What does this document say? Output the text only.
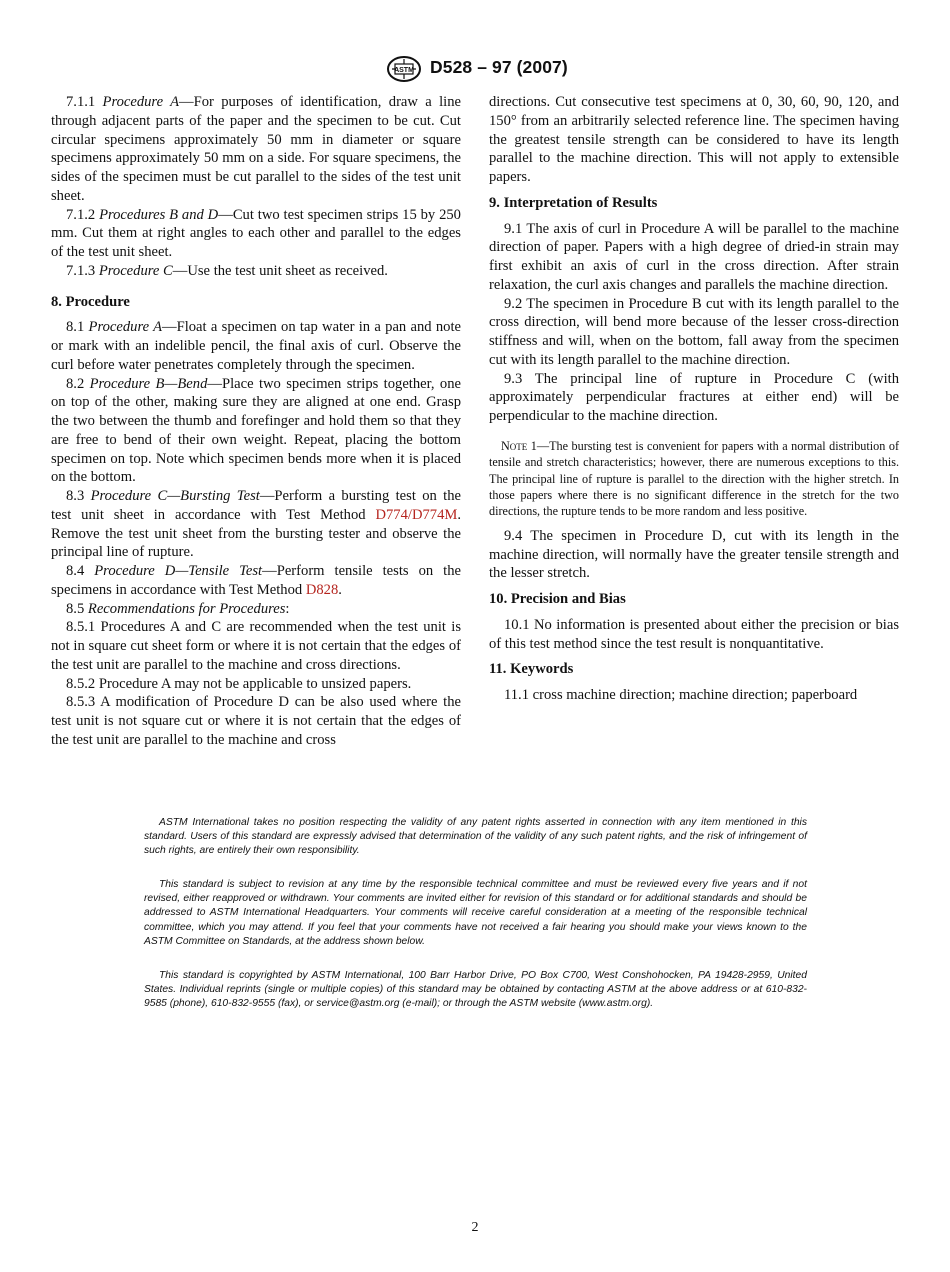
ASTM D528 – 97 (2007)

7.1.1 Procedure A—For purposes of identification, draw a line through adjacent parts of the paper and the specimen to be cut. Cut circular specimens approximately 50 mm in diameter or square specimens approximately 50 mm on a side. For square specimens, the sides of the specimen must be cut parallel to the sides of the test unit sheet.

7.1.2 Procedures B and D—Cut two test specimen strips 15 by 250 mm. Cut them at right angles to each other and parallel to the edges of the test unit sheet.

7.1.3 Procedure C—Use the test unit sheet as received.

8. Procedure

8.1 Procedure A—Float a specimen on tap water in a pan and note or mark with an indelible pencil, the final axis of curl. Observe the curl before water penetrates completely through the specimen.

8.2 Procedure B—Bend—Place two specimen strips together, one on top of the other, making sure they are aligned at one end. Grasp the two between the thumb and forefinger and hold them so that they are free to bend of their own weight. Repeat, placing the bottom specimen on top. Note which specimen bends more when it is placed on the bottom.

8.3 Procedure C—Bursting Test—Perform a bursting test on the test unit sheet in accordance with Test Method D774/D774M. Remove the test unit sheet from the bursting tester and observe the principal line of rupture.

8.4 Procedure D—Tensile Test—Perform tensile tests on the specimens in accordance with Test Method D828.

8.5 Recommendations for Procedures:

8.5.1 Procedures A and C are recommended when the test unit is not in square cut sheet form or where it is not certain that the edges of the test unit are parallel to the machine and cross directions.

8.5.2 Procedure A may not be applicable to unsized papers.

8.5.3 A modification of Procedure D can be also used where the test unit is not square cut or where it is not certain that the edges of the test unit are parallel to the machine and cross

directions. Cut consecutive test specimens at 0, 30, 60, 90, 120, and 150° from an arbitrarily selected reference line. The specimen having the greatest tensile strength can be considered to have its length parallel to the machine direction. This will not apply to extensible papers.

9. Interpretation of Results

9.1 The axis of curl in Procedure A will be parallel to the machine direction of paper. Papers with a high degree of dried-in strain may first exhibit an axis of curl in the cross direction. After strain relaxation, the curl axis changes and parallels the machine direction.

9.2 The specimen in Procedure B cut with its length parallel to the cross direction, will bend more because of the lesser cross-direction stiffness and will, when on the bottom, fall away from the specimen cut with its length parallel to the machine direction.

9.3 The principal line of rupture in Procedure C (with approximately perpendicular fractures at either end) will be perpendicular to the machine direction.

Note 1—The bursting test is convenient for papers with a normal distribution of tensile and stretch characteristics; however, there are numerous exceptions to this. The principal line of rupture is parallel to the direction with the higher stretch. In those papers where there is no significant difference in the stretch for the two directions, the rupture tends to be more random and less positive.

9.4 The specimen in Procedure D, cut with its length in the machine direction, will normally have the greater tensile strength and the lesser stretch.

10. Precision and Bias

10.1 No information is presented about either the precision or bias of this test method since the test result is nonquantitative.

11. Keywords

11.1 cross machine direction; machine direction; paperboard

ASTM International takes no position respecting the validity of any patent rights asserted in connection with any item mentioned in this standard. Users of this standard are expressly advised that determination of the validity of any such patent rights, and the risk of infringement of such rights, are entirely their own responsibility.

This standard is subject to revision at any time by the responsible technical committee and must be reviewed every five years and if not revised, either reapproved or withdrawn. Your comments are invited either for revision of this standard or for additional standards and should be addressed to ASTM International Headquarters. Your comments will receive careful consideration at a meeting of the responsible technical committee, which you may attend. If you feel that your comments have not received a fair hearing you should make your views known to the ASTM Committee on Standards, at the address shown below.

This standard is copyrighted by ASTM International, 100 Barr Harbor Drive, PO Box C700, West Conshohocken, PA 19428-2959, United States. Individual reprints (single or multiple copies) of this standard may be obtained by contacting ASTM at the above address or at 610-832-9585 (phone), 610-832-9555 (fax), or service@astm.org (e-mail); or through the ASTM website (www.astm.org).

2
